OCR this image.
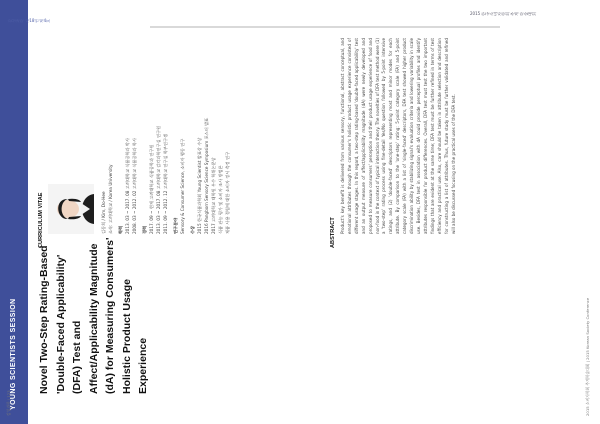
YOUNG SCIENTISTS SESSION
감성과학 제18권 제4호
2015 한국소비자학회 추계 학술대회
Novel Two-Step Rating-Based 'Double-Faced Applicability' (DFA) Test and Affect/Applicability Magnitude (dA) for Measuring Consumers' Holistic Product Usage Experience
CURRICULUM VITAE	김동희 / Kim, Do-Hee 소속: 고려대학교 / Korea University 학력 2013. 03 ~ 2017. 08 고려대학교 식품공학과 박사 2008. 03 ~ 2012. 02 고려대학교 식품공학과 학사 경력 2017. 09 ~ 현재 고려대학교 식품공학과 연구원 2013. 03 ~ 2017. 08 고려대학교 감각과학연구실 연구원 2011. 09 ~ 2012. 12 고려대학교 연구실 학부연구생 연구분야 Sensory & Consumer Science, 소비자 행동 연구 수상 2015 한국식품과학회 Young Scientist 발표상 수상 2016 Pangborn Sensory Science Symposium 포스터 발표 2017 고려대학교 대학원 우수 학위논문상 식품 관능 평가 및 소비자 조사 방법론 제품 사용 경험에 대한 소비자 정서 측정 연구	ABSTRACT Product's key benefit is delivered from various sensory, functional, abstract conceptual, and emotional attributes through the consumer's holistic product usage experience consisted of different usage stages. In this regard, a two-step rating-based 'double-faced applicability' test and an output measure of affect/applicability magnitude (dA) were newly developed and proposed to measure consumers' perception and their product usage experience of food and non-food in the context of typical interaction theory. The novelties of DFA test method were (1) a 'two-step' rating process using fine-detail Yes/No question followed by 5-point intensive ratings, and (2) 'double-faced' descriptors representing most and minor modes for each attribute. By comparison to the 'one-step' rating: 5-point category scale (FA) and 5-point category scale (FA) with a list of 'single-faced' descriptors, DFA test showed higher product discrimination ability by stabilizing signal's evaluation criteria and lowering variability in scale use. Besides, DFA test in association with dA could provide perceptual profiles and identify attributes responsible for product differences. Overall, DFA test must test the two important findings that are evident at the same time; DFA test must be further refined in terms of test efficiency and practical use. Also, care should be taken in attribute selection and description for constructing a list of attributes. Thus, future study must be further validated and refined will also be discussed focusing on the practical uses of the DFA test.
2015 소비자학회 추계학술대회 | 2015 Korean Society Conference
감성과학 | 123
